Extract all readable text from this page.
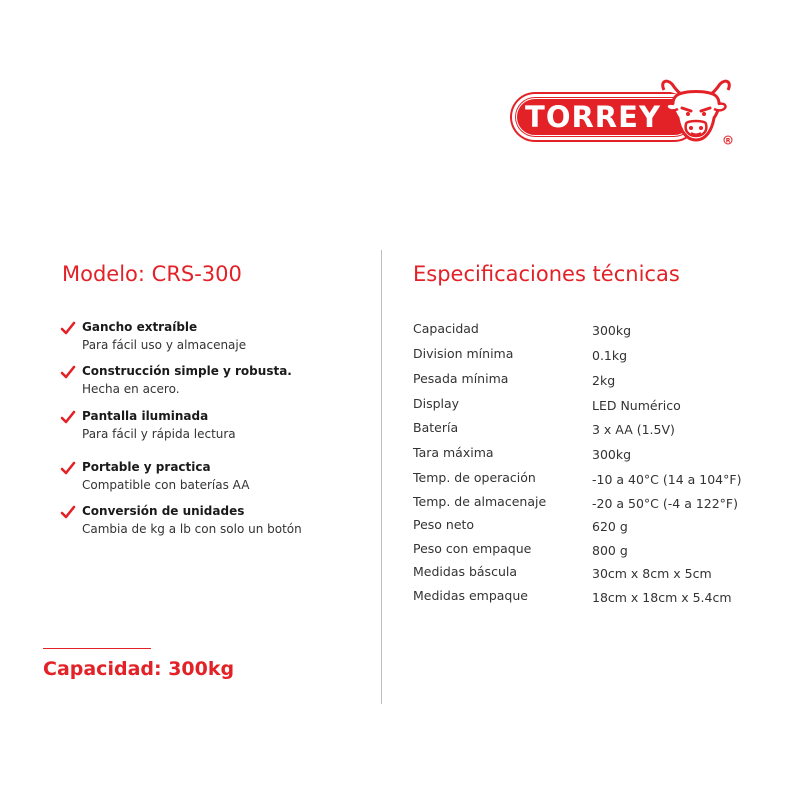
TORREY
R
Modelo: CRS-300
Gancho extraíble
Para fácil uso y almacenaje
Construcción simple y robusta.
Hecha en acero.
Pantalla iluminada
Para fácil y rápida lectura
Portable y practica
Compatible con baterías AA
Conversión de unidades
Cambia de kg a lb con solo un botón
Capacidad: 300kg
Especificaciones técnicas
Capacidad	300kg
Division mínima	0.1kg
Pesada mínima	2kg
Display	LED Numérico
Batería	3 x AA (1.5V)
Tara máxima	300kg
Temp. de operación	-10 a 40°C (14 a 104°F)
Temp. de almacenaje	-20 a 50°C (-4 a 122°F)
Peso neto	620 g
Peso con empaque	800 g
Medidas báscula	30cm x 8cm x 5cm
Medidas empaque	18cm x 18cm x 5.4cm
